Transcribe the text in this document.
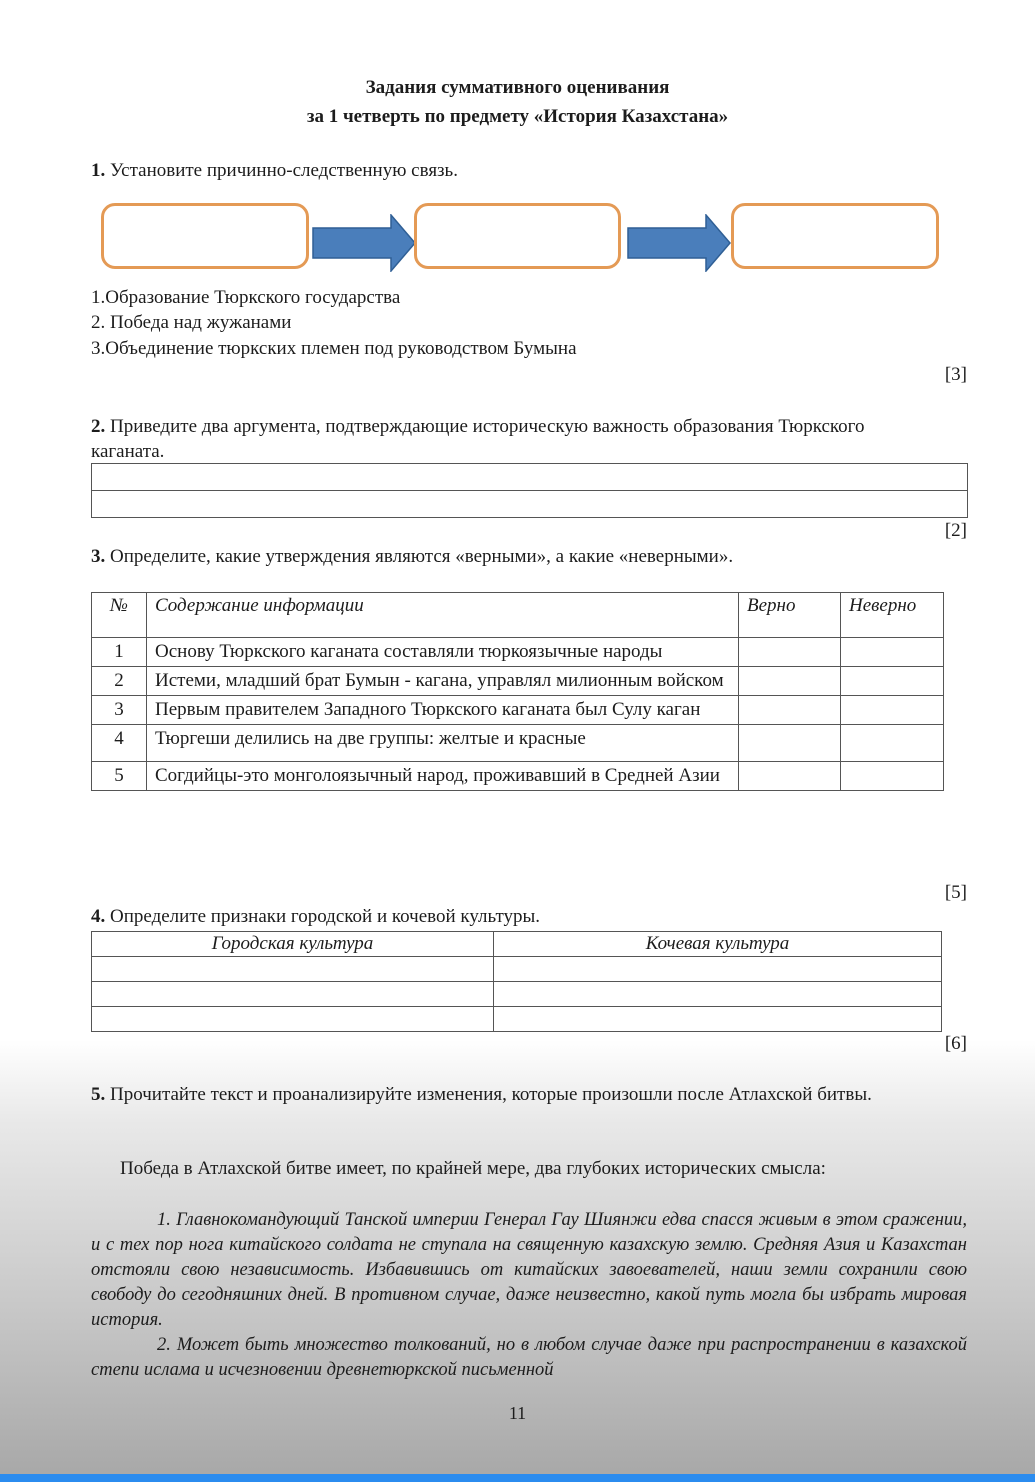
Задания суммативного оценивания
за 1 четверть по предмету «История Казахстана»
1. Установите причинно-следственную связь.
1.Образование Тюркского государства
2. Победа над жужанами
3.Объединение тюркских племен под руководством Бумына
[3]
2. Приведите два аргумента, подтверждающие историческую важность образования Тюркского каганата.

[2]
3. Определите, какие утверждения являются «верными», а какие «неверными».
№	Содержание информации	Верно	Неверно
1	Основу Тюркского каганата составляли тюркоязычные народы		
2	Истеми, младший брат Бумын - кагана, управлял милионным войском		
3	Первым правителем Западного Тюркского каганата был Сулу каган		
4	Тюргеши делились на две группы: желтые и красные		
5	Согдийцы-это монголоязычный народ, проживавший в Средней Азии		
[5]
4. Определите признаки городской и кочевой культуры.
Городская культура	Кочевая культура

[6]
5. Прочитайте текст и проанализируйте изменения, которые произошли после Атлахской битвы.
Победа в Атлахской битве имеет, по крайней мере, два глубоких исторических смысла:

1. Главнокомандующий Танской империи Генерал Гау Шиянжи едва спасся живым в этом сражении, и с тех пор нога китайского солдата не ступала на священную казахскую землю. Средняя Азия и Казахстан отстояли свою независимость. Избавившись от китайских завоевателей, наши земли сохранили свою свободу до сегодняшних дней. В противном случае, даже неизвестно, какой путь могла бы избрать мировая история.

2. Может быть множество толкований, но в любом случае даже при распространении в казахской степи ислама и исчезновении древнетюркской письменной

11
